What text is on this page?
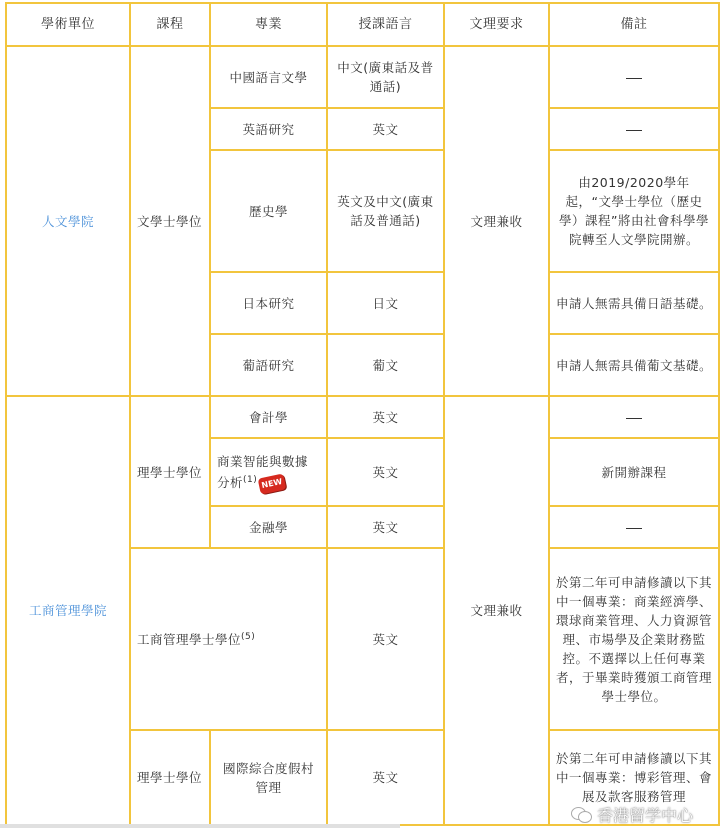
學術單位	課程	專業	授課語言	文理要求	備註
人文學院	文學士學位	中國語言文學	中文(廣東話及普通話)	文理兼收	
		英語研究	英文		
		歷史學	英文及中文(廣東話及普通話)		由2019/2020學年起，“文學士學位（歷史學）課程”將由社會科學學院轉至人文學院開辦。
		日本研究	日文		申請人無需具備日語基礎。
		葡語研究	葡文		申請人無需具備葡文基礎。
工商管理學院	理學士學位	會計學	英文	文理兼收	
		商業智能與數據分析$^{(1)}$ NEW	英文		新開辦課程
		金融學	英文		
	工商管理學士學位$^{(5)}$		英文		於第二年可申請修讀以下其中一個專業：商業經濟學、環球商業管理、人力資源管理、市場學及企業財務監控。不選擇以上任何專業者，于畢業時獲頒工商管理學士學位。
	理學士學位	國際綜合度假村管理	英文		於第二年可申請修讀以下其中一個專業：博彩管理、會展及款客服務管理
香港留学中心
